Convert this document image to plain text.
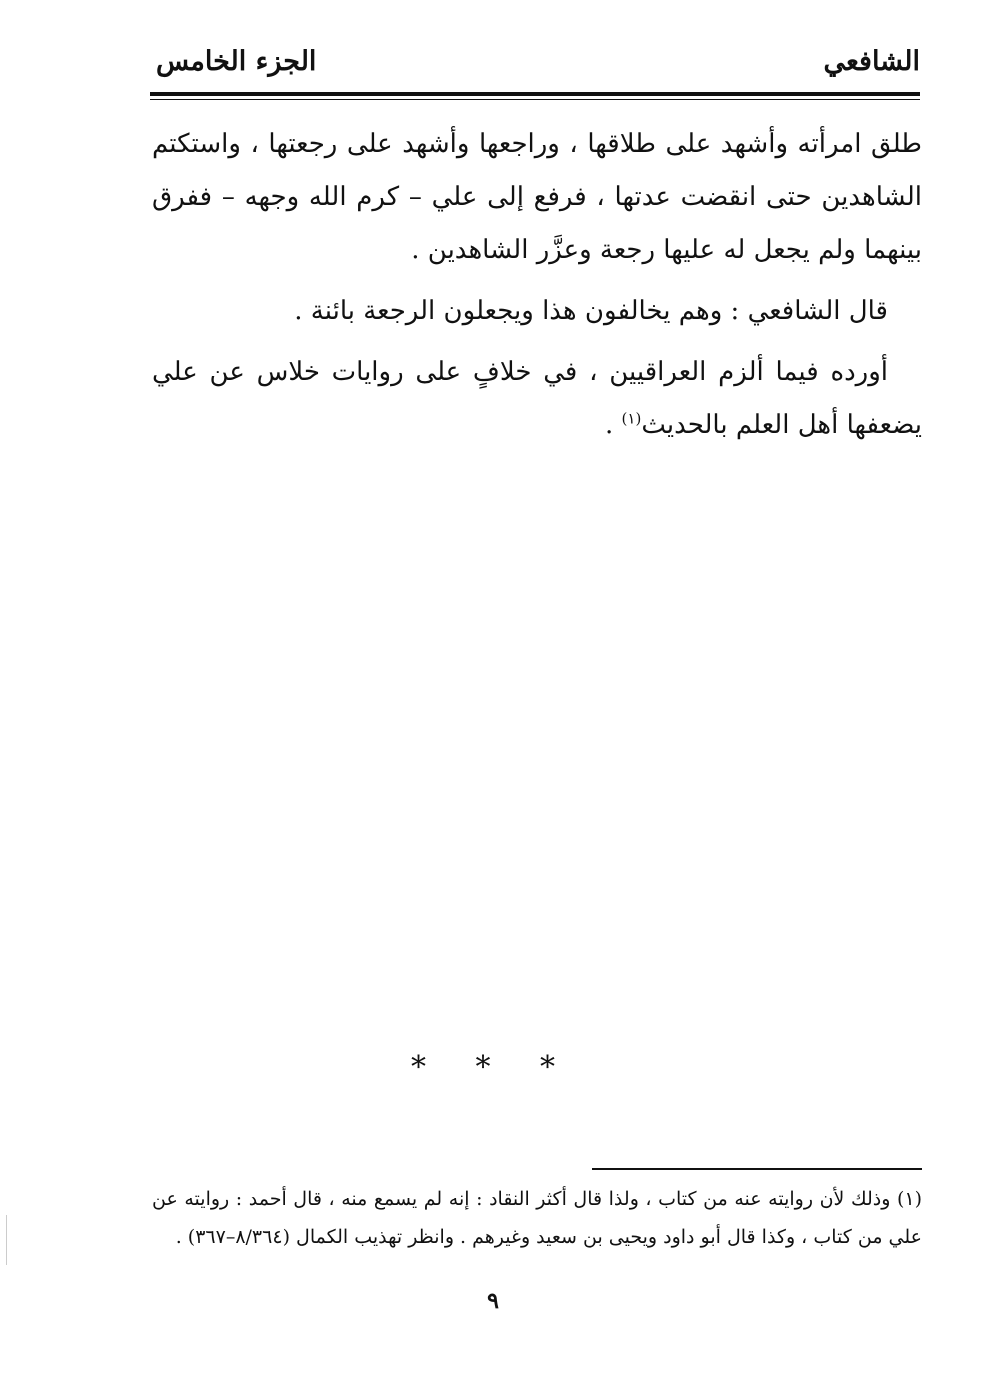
الشافعي
الجزء الخامس

طلق امرأته وأشهد على طلاقها ، وراجعها وأشهد على رجعتها ، واستكتم الشاهدين حتى انقضت عدتها ، فرفع إلى علي – كرم الله وجهه – ففرق بينهما ولم يجعل له عليها رجعة وعزَّر الشاهدين .

قال الشافعي : وهم يخالفون هذا ويجعلون الرجعة بائنة .

أورده فيما ألزم العراقيين ، في خلافٍ على روايات خلاس عن علي يضعفها أهل العلم بالحديث$^{(١)}$ .

* * *

(١) وذلك لأن روايته عنه من كتاب ، ولذا قال أكثر النقاد : إنه لم يسمع منه ، قال أحمد : روايته عن علي من كتاب ، وكذا قال أبو داود ويحيى بن سعيد وغيرهم . وانظر تهذيب الكمال (٨/٣٦٤–٣٦٧) .

٩
